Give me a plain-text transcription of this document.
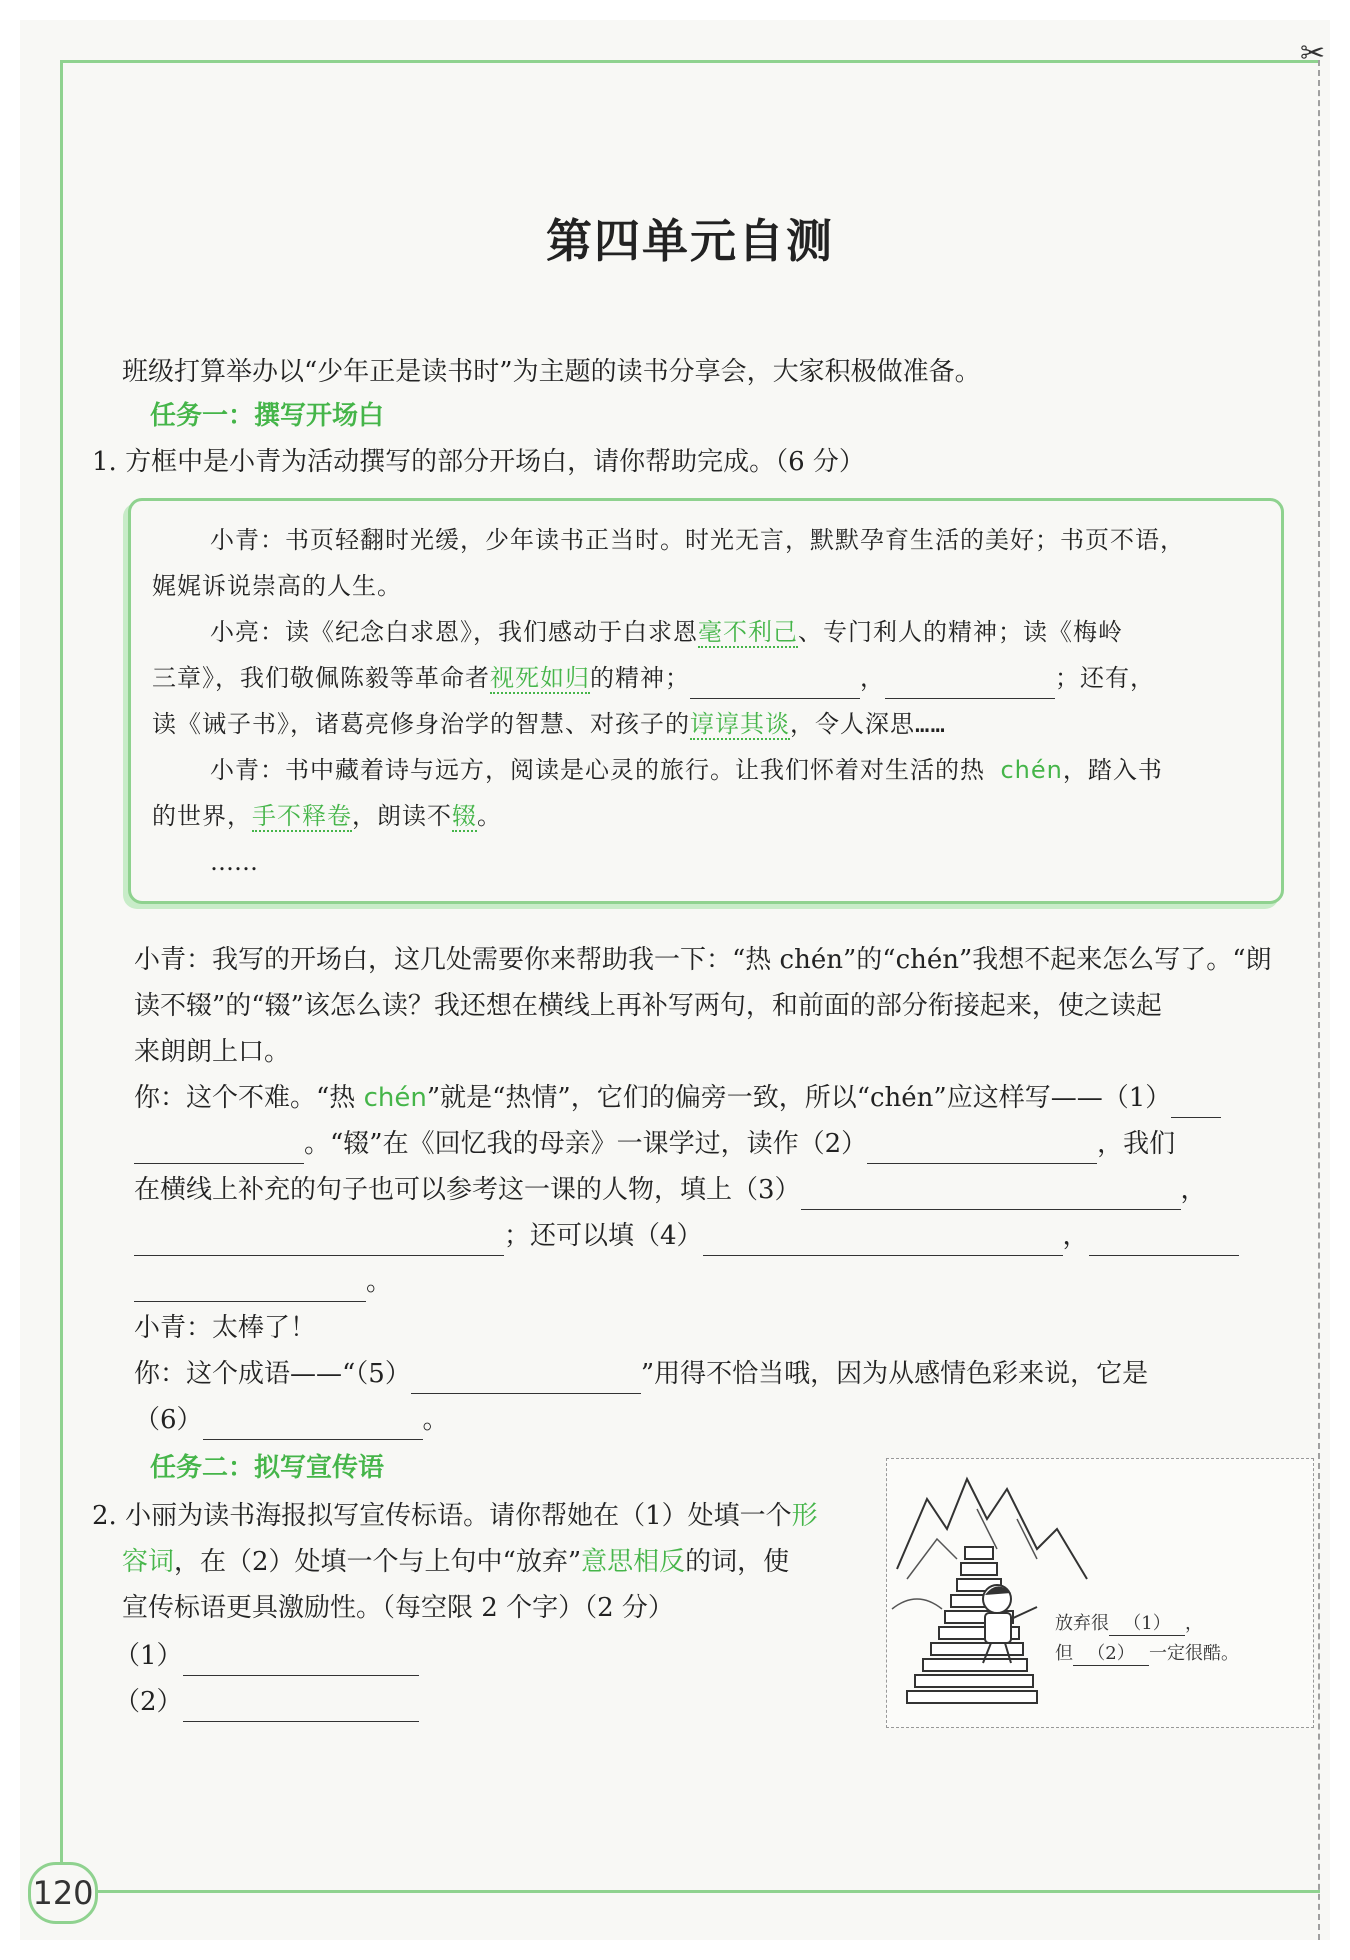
✂
第四单元自测
班级打算举办以“少年正是读书时”为主题的读书分享会，大家积极做准备。
任务一：撰写开场白
1. 方框中是小青为活动撰写的部分开场白，请你帮助完成。（6 分）
小青：书页轻翻时光缓，少年读书正当时。时光无言，默默孕育生活的美好；书页不语，
娓娓诉说崇高的人生。
小亮：读《纪念白求恩》，我们感动于白求恩毫不利己、专门利人的精神；读《梅岭
三章》，我们敬佩陈毅等革命者视死如归的精神；	，	；还有，
读《诫子书》，诸葛亮修身治学的智慧、对孩子的谆谆其谈，令人深思……
小青：书中藏着诗与远方，阅读是心灵的旅行。让我们怀着对生活的热 chén，踏入书
的世界，手不释卷，朗读不辍。
……
小青：我写的开场白，这几处需要你来帮助我一下：“热 chén”的“chén”我想不起来怎么写了。“朗
读不辍”的“辍”该怎么读？我还想在横线上再补写两句，和前面的部分衔接起来，使之读起
来朗朗上口。
你：这个不难。“热 chén”就是“热情”，它们的偏旁一致，所以“chén”应这样写——（1）
。“辍”在《回忆我的母亲》一课学过，读作（2）	，我们
在横线上补充的句子也可以参考这一课的人物，填上（3）	，
；还可以填（4）	，
。
小青：太棒了！
你：这个成语——“（5）	”用得不恰当哦，因为从感情色彩来说，它是
（6）	。
任务二：拟写宣传语
2. 小丽为读书海报拟写宣传标语。请你帮她在（1）处填一个形
容词，在（2）处填一个与上句中“放弃”意思相反的词，使
宣传标语更具激励性。（每空限 2 个字）（2 分）
（1）
（2）
放弃很 （1） ，
但 （2） 一定很酷。
120
